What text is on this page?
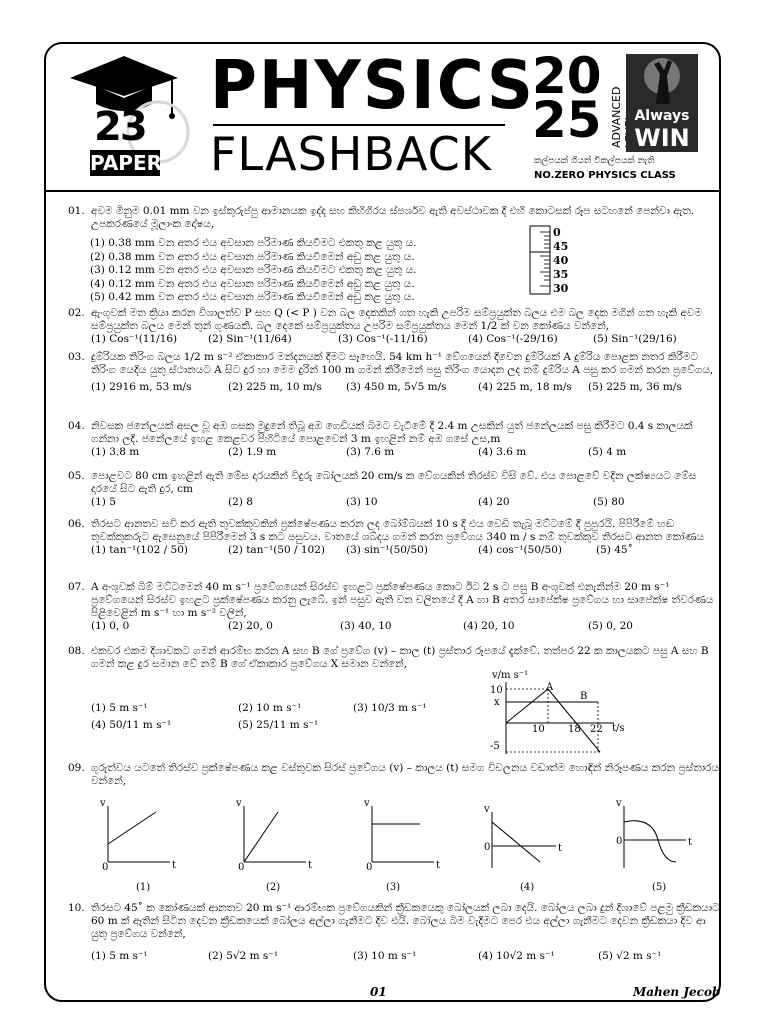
23
PAPER
PHYSICS
FLASHBACK
20
25 ADVANCED Always
WIN
කල්පයක් ගියත් විකල්පයක් නැති
NO.ZERO PHYSICS CLASS
01. අවම මිනුම 0.01 mm වන ඉස්කුරුප්පු ආමානයක ඉද්ද සහ කිහිගිරය ස්පර්ශව ඇති අවස්ථාවක දී එහි කොටසක් රූප සටහනේ පෙන්වා ඇත. උපකරණයේ මූලාංක දෝෂය,
(1) 0.38 mm වන අතර එය අවසාන පරිමාණ කියවීමට එකතු කළ යුතු ය.
(2) 0.38 mm වන අතර එය අවසාන පරිමාණ කියවීමෙන් අඩු කළ යුතු ය.
(3) 0.12 mm වන අතර එය අවසාන පරිමාණ කියවීමට එකතු කළ යුතු ය.
(4) 0.12 mm වන අතර එය අවසාන පරිමාණ කියවීමෙන් අඩු කළ යුතු ය.
(5) 0.42 mm වන අතර එය අවසාන පරිමාණ කියවීමෙන් අඩු කළ යුතු ය.
0
45
40
35
30
02. ඇංගුවක් මත ක්‍රියා කරන විශාලත්ව P සහ Q (< P ) වන බල දෙකකින් ගත හැකි උපරිම සම්ප්‍රයුක්ත බලය එම බල දෙක මගින් ගත හැකි අවම සම්ප්‍රයුක්ත බලය මෙන් තුන් ගුණයකි. බල දෙකේ සම්ප්‍රයුක්තය උපරිම සම්ප්‍රයුක්තය මෙන් 1/2 ක් වන කෝණය වන්නේ,
(1) Cos⁻¹(11/16)	(2) Sin⁻¹(11/64)	(3) Cos⁻¹(-11/16)	(4) Cos⁻¹(-29/16)	(5) Sin⁻¹(29/16)
03. දුම්රියක තිරිංග බලය 1/2 m s⁻² ඒකාකාර මන්දනයක් දීමට සෑහෙයි. 54 km h⁻¹ වේගයෙන් දිවෙන දුම්රියක් A දුම්රිය පොළක නතර කිරීමට තිරිංග යෙදිය යුතු ස්ථානයට A සිට දුර හා මෙම දුරින් 100 m ගමන් කිරීමෙන් පසු තිරිංග යොදන ලද නම් දුම්රිය A පසු කර ගමන් කරන ප්‍රවේගය,
(1) 2916 m, 53 m/s	(2) 225 m, 10 m/s (3) 450 m, 5√5 m/s	(4) 225 m, 18 m/s (5) 225 m, 36 m/s
04. නිවසක ජනේලයක් අසල වූ අඹ ගසක මුදුනේ තිබූ අඹ ගෙඩියක් බිමට වැටීමේ දී 2.4 m උසකින් යුත් ජනේලයක් පසු කිරීමට 0.4 s කාලයක් ගන්නා ලදි. ජනේලයේ ඉහළ කෙළවර පිහිටියේ පොළවෙන් 3 m ඉහළින් නම් අඹ ගසේ උස,m
(1) 3.8 m	(2) 1.9 m	(3) 7.6 m	(4) 3.6 m	(5) 4 m
05. පොළවට 80 cm ඉහළින් ඇති මේස දාරයකින් විදුරු බෝලයක් 20 cm/s ක වේගයකින් තිරස්ව විසි වේ. එය පොළවේ වදින ලක්ෂ්‍යයට මේස දාරයේ සිට ඇති දුර, cm
(1) 5	(2) 8	(3) 10	(4) 20	(5) 80
06. තිරසට ආනතව සවි කර ඇති තුවක්කුවකින් ප්‍රක්ෂේපණය කරන ලද බෝම්බයක් 10 s දී එය වෙඩි තැබූ මට්ටමේ දී පුපුරයි. පිපිරීමේ හඬ තුවක්කුකරුට ඇසෙනුයේ පිපිරීමෙන් 3 s කට පසුවය. වාතයේ ශබ්දය ගමන් කරන ප්‍රවේගය 340 m / s නම් තුවක්කුව තිරසට ආනත කෝණය
(1) tan⁻¹(102 / 50)	(2) tan⁻¹(50 / 102) (3) sin⁻¹(50/50)	(4) cos⁻¹(50/50)	(5) 45˚
07. A අංශුවක් බිම් මට්ටමෙන් 40 m s⁻¹ ප්‍රවේගයෙන් සිරස්ව ඉහළට ප්‍රක්ෂේපණය කොට ඊට 2 s ට පසු B අංශුවක් එනැනින්ම 20 m s⁻¹ ප්‍රවේගයෙන් සිරස්ව ඉහළට ප්‍රක්ෂේපණය කරනු ලැබේ. ඉන් පසුව ඇති වන චලිතයේ දී A හා B අතර සාපේක්ෂ ප්‍රවේගය හා සාපේක්ෂ ත්වරණය පිළිවෙළින් m s⁻¹ හා m s⁻² වලින්,
(1) 0, 0	(2) 20, 0	(3) 40, 10	(4) 20, 10	(5) 0, 20
08. එකවර එකම දිශාවකට ගමන් ආරම්භ කරන A සහ B ගේ ප්‍රවේග (v) – කාල (t) ප්‍රස්තාර රූපයේ දැක්වේ. තත්පර 22 ක කාලයකට පසු A සහ B ගමන් කළ දුර සමාන වේ නම් B ගේ ඒකාකාර ප්‍රවේගය X සමාන වන්නේ,
(1) 5 m s⁻¹	(2) 10 m s⁻¹	(3) 10/3 m s⁻¹
(4) 50/11 m s⁻¹	(5) 25/11 m s⁻¹
v/m s⁻¹
t/s
10
x
-5
10 18 22
A
B
09. ගුරුත්වය යටතේ තිරස්ව ප්‍රක්ෂේපණය කළ වස්තුවක සිරස් ප්‍රවේගය (v) – කාලය (t) සමග විචලනය වඩාත්ම හොඳින් නිරූපණය කරන ප්‍රස්තාරය වන්නේ,
v
0	t
(1)
v
0	t
(2)
v
0	t
(3)
v
0	t
(4)
v
0	t
(5)
10. තිරසට 45˚ ක කෝණයක් ආනතව 20 m s⁻¹ ආරම්භක ප්‍රවේගයකින් ක්‍රීඩකයෙකු බෝලයක් ලබා දෙයි. බෝලය ලබා දුන් දිශාවේ පළමු ක්‍රීඩකයාට 60 m ක් ඈතින් සිටින දෙවන ක්‍රීඩකයෙක් බෝලය අල්ලා ගැනීමට දිව එයි. බෝලය බිම වැදීමට පෙර එය අල්ලා ගැනීමට දෙවන ක්‍රීඩකයා දිව ආ යුතු ප්‍රවේගය වන්නේ,
(1) 5 m s⁻¹	(2) 5√2 m s⁻¹	(3) 10 m s⁻¹	(4) 10√2 m s⁻¹	(5) √2 m s⁻¹
01	Mahen Jecob
